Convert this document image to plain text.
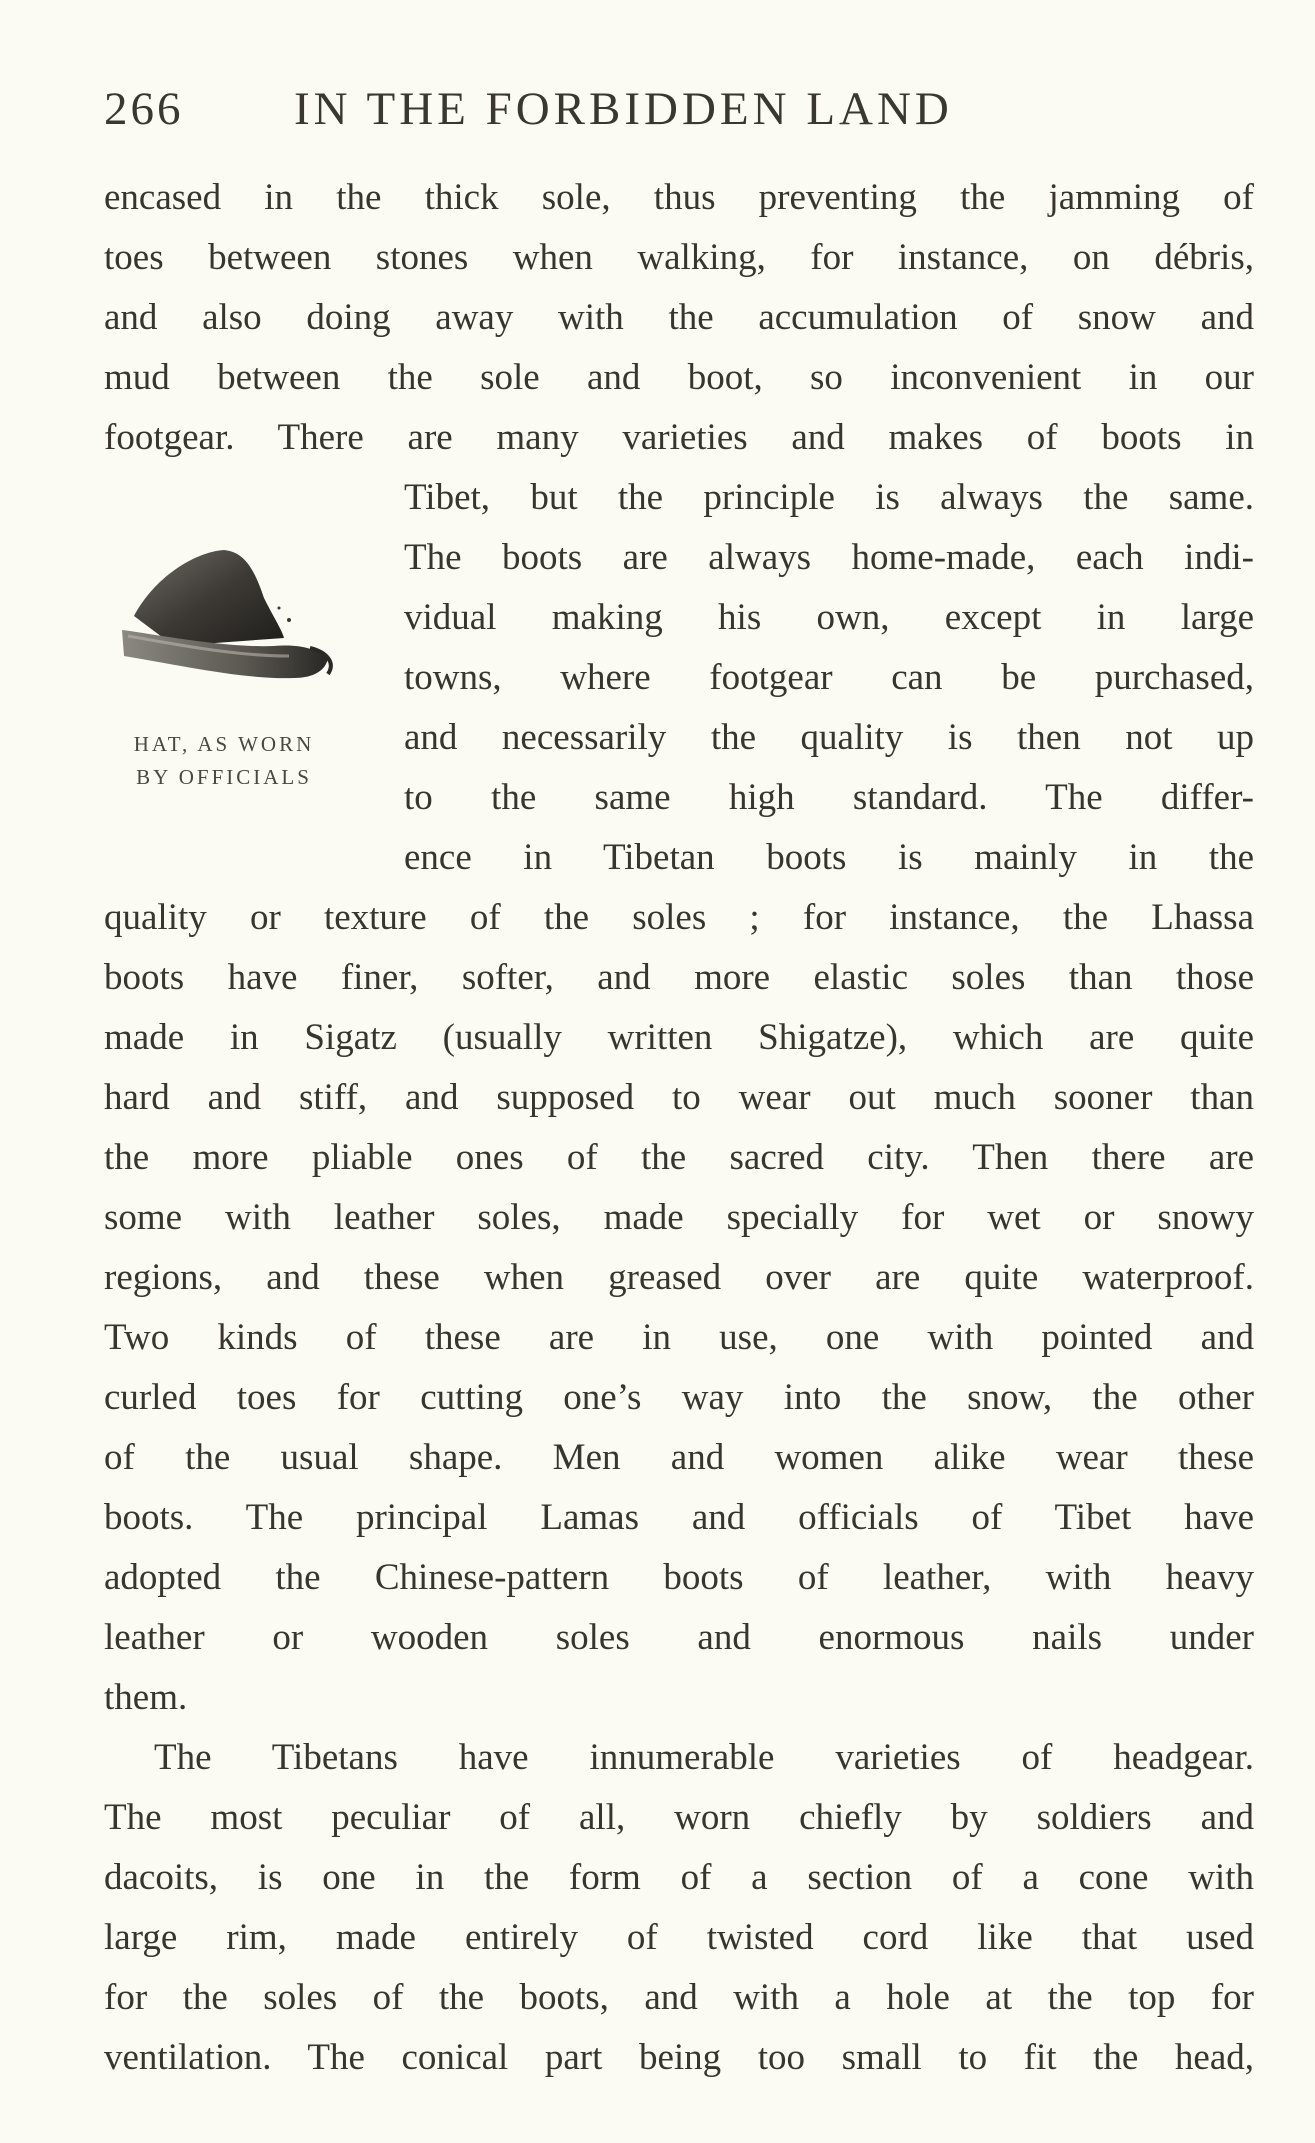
266 IN THE FORBIDDEN LAND
HAT, AS WORN
BY OFFICIALS
encased in the thick sole, thus preventing the jamming of
toes between stones when walking, for instance, on débris,
and also doing away with the accumulation of snow and
mud between the sole and boot, so inconvenient in our
footgear. There are many varieties and makes of boots in
Tibet, but the principle is always the same.
The boots are always home-made, each indi-
vidual making his own, except in large
towns, where footgear can be purchased,
and necessarily the quality is then not up
to the same high standard. The differ-
ence in Tibetan boots is mainly in the
quality or texture of the soles ; for instance, the Lhassa
boots have finer, softer, and more elastic soles than those
made in Sigatz (usually written Shigatze), which are quite
hard and stiff, and supposed to wear out much sooner than
the more pliable ones of the sacred city. Then there are
some with leather soles, made specially for wet or snowy
regions, and these when greased over are quite waterproof.
Two kinds of these are in use, one with pointed and
curled toes for cutting one’s way into the snow, the other
of the usual shape. Men and women alike wear these
boots. The principal Lamas and officials of Tibet have
adopted the Chinese-pattern boots of leather, with heavy
leather or wooden soles and enormous nails under
them.
The Tibetans have innumerable varieties of headgear.
The most peculiar of all, worn chiefly by soldiers and
dacoits, is one in the form of a section of a cone with
large rim, made entirely of twisted cord like that used
for the soles of the boots, and with a hole at the top for
ventilation. The conical part being too small to fit the head,
